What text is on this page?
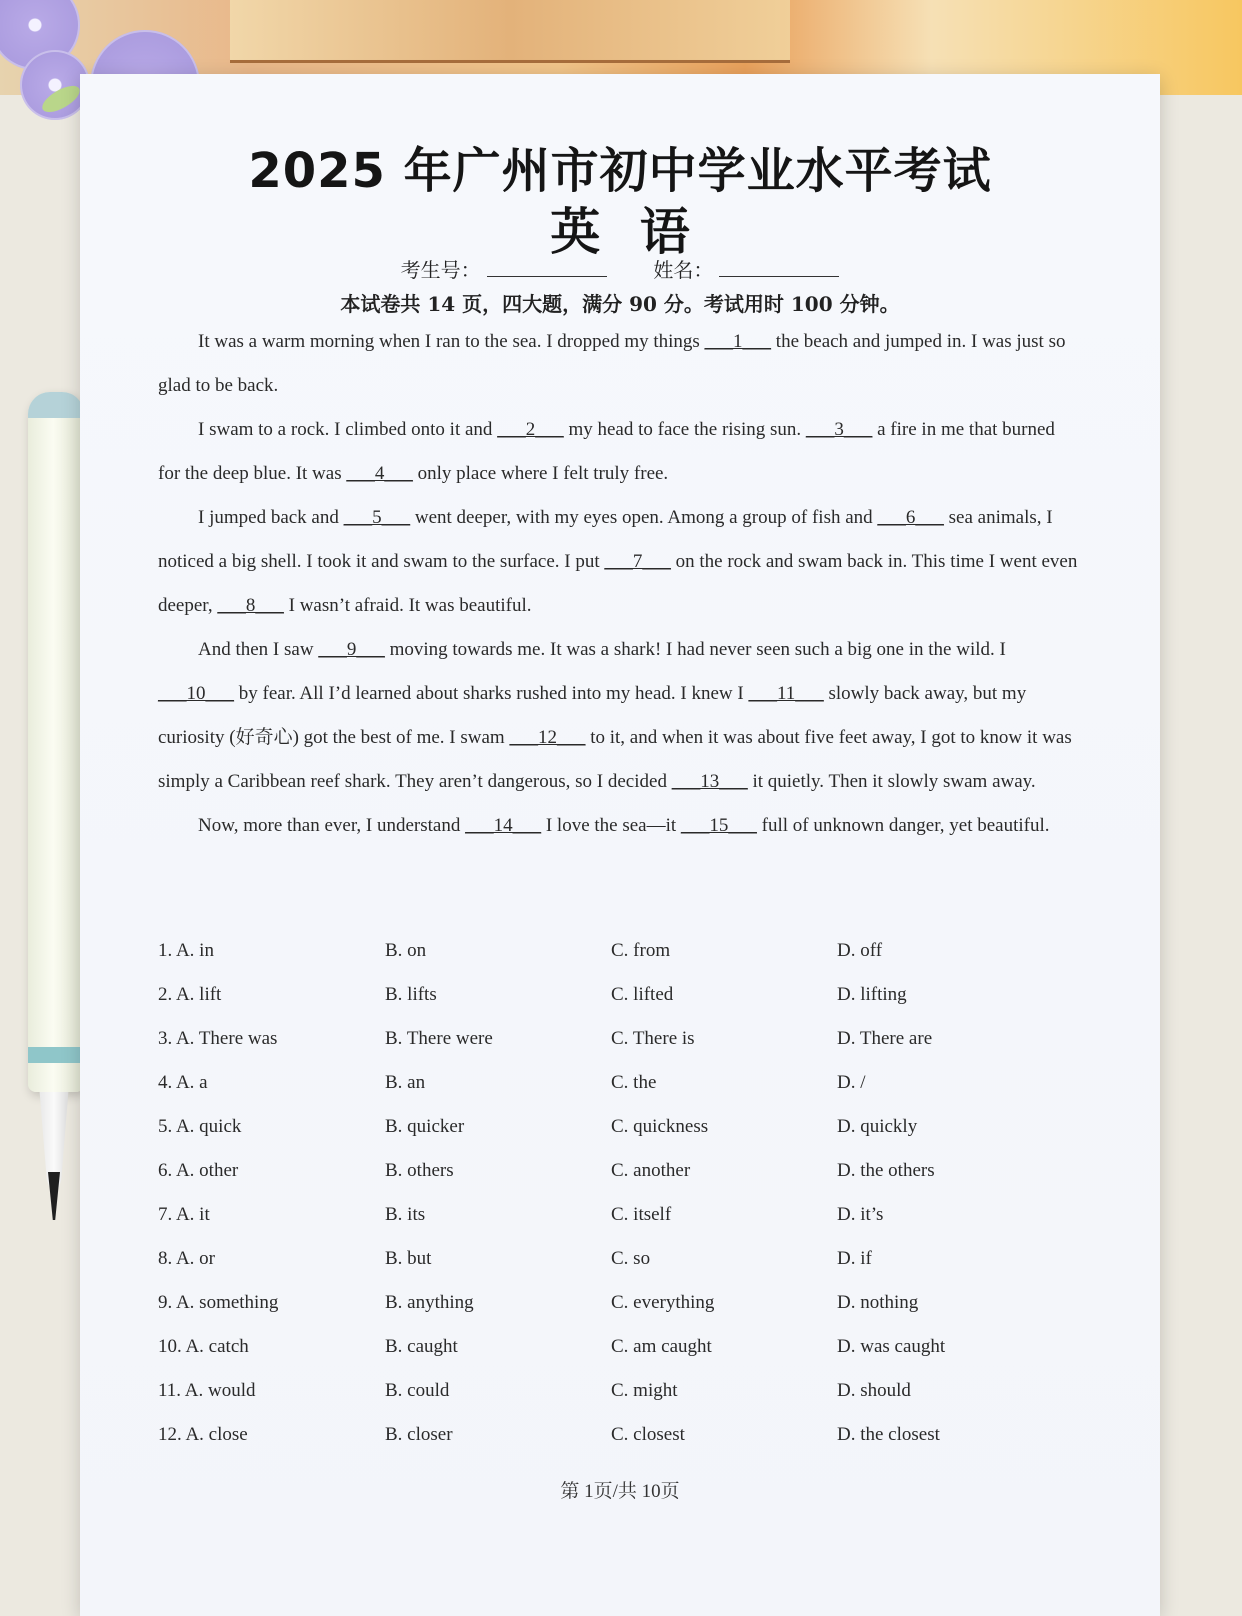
2025 年广州市初中学业水平考试
英 语
考生号：	姓名：
本试卷共 14 页，四大题，满分 90 分。考试用时 100 分钟。

It was a warm morning when I ran to the sea. I dropped my things ___1___ the beach and jumped in. I was just so glad to be back.

I swam to a rock. I climbed onto it and ___2___ my head to face the rising sun. ___3___ a fire in me that burned for the deep blue. It was ___4___ only place where I felt truly free.

I jumped back and ___5___ went deeper, with my eyes open. Among a group of fish and ___6___ sea animals, I noticed a big shell. I took it and swam to the surface. I put ___7___ on the rock and swam back in. This time I went even deeper, ___8___ I wasn’t afraid. It was beautiful.

And then I saw ___9___ moving towards me. It was a shark! I had never seen such a big one in the wild. I ___10___ by fear. All I’d learned about sharks rushed into my head. I knew I ___11___ slowly back away, but my curiosity (好奇心) got the best of me. I swam ___12___ to it, and when it was about five feet away, I got to know it was simply a Caribbean reef shark. They aren’t dangerous, so I decided ___13___ it quietly. Then it slowly swam away.

Now, more than ever, I understand ___14___ I love the sea—it ___15___ full of unknown danger, yet beautiful.

1. A. in	B. on	C. from	D. off
2. A. lift	B. lifts	C. lifted	D. lifting
3. A. There was	B. There were	C. There is	D. There are
4. A. a	B. an	C. the	D. /
5. A. quick	B. quicker	C. quickness	D. quickly
6. A. other	B. others	C. another	D. the others
7. A. it	B. its	C. itself	D. it’s
8. A. or	B. but	C. so	D. if
9. A. something	B. anything	C. everything	D. nothing
10. A. catch	B. caught	C. am caught	D. was caught
11. A. would	B. could	C. might	D. should
12. A. close	B. closer	C. closest	D. the closest
第 1页/共 10页
